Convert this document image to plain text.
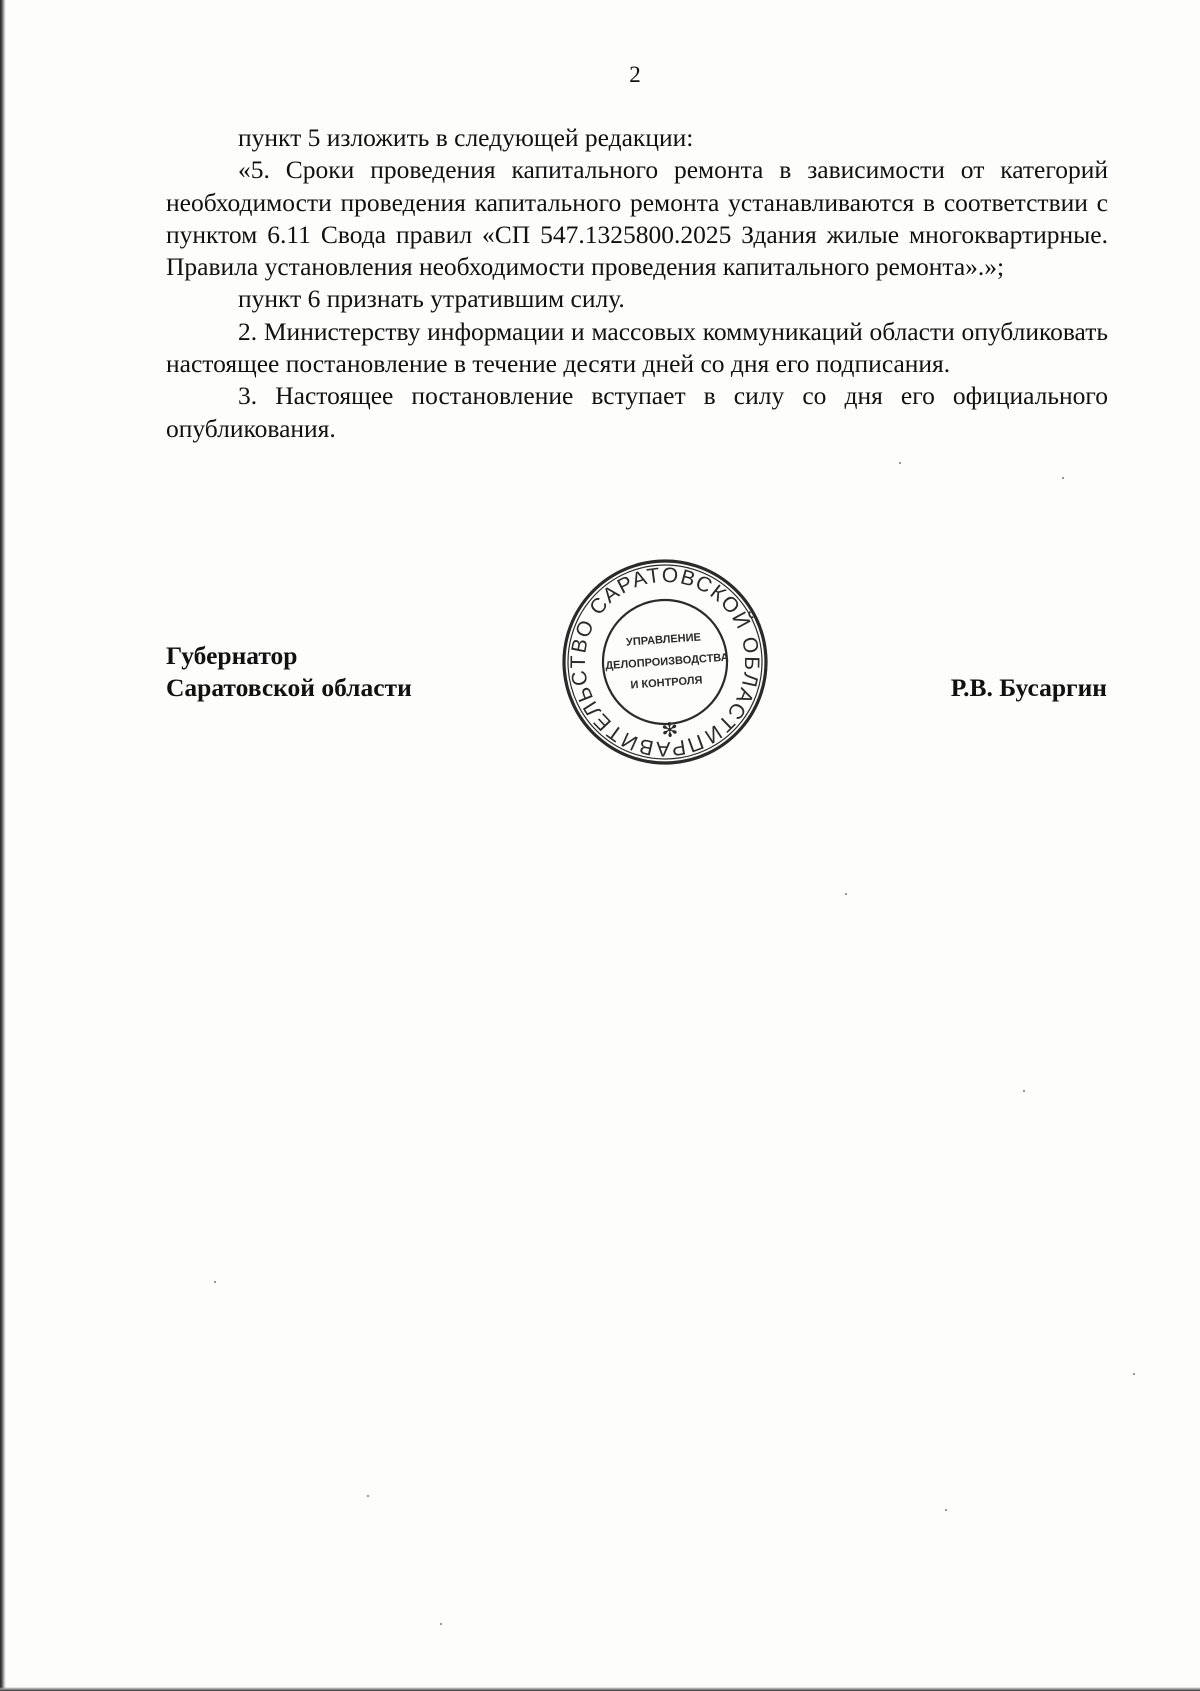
2

пункт 5 изложить в следующей редакции:

«5. Сроки проведения капитального ремонта в зависимости от категорий необходимости проведения капитального ремонта устанавливаются в соответствии с пунктом 6.11 Свода правил «СП 547.1325800.2025 Здания жилые многоквартирные. Правила установления необходимости проведения капитального ремонта».»;

пункт 6 признать утратившим силу.

2. Министерству информации и массовых коммуникаций области опубликовать настоящее постановление в течение десяти дней со дня его подписания.

3. Настоящее постановление вступает в силу со дня его официального опубликования.

Губернатор
Саратовской области	Р.В. Бусаргин
ПРАВИТЕЛЬСТВО САРАТОВСКОЙ ОБЛАСТИ
✻
УПРАВЛЕНИЕ
ДЕЛОПРОИЗВОДСТВА
И КОНТРОЛЯ
